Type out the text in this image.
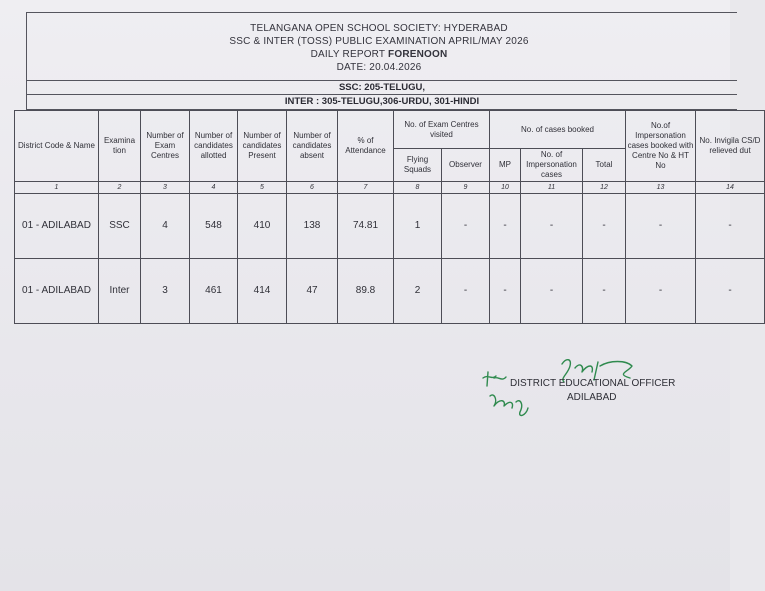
TELANGANA OPEN SCHOOL SOCIETY: HYDERABAD
SSC & INTER (TOSS) PUBLIC EXAMINATION APRIL/MAY 2026
DAILY REPORT FORENOON
DATE: 20.04.2026
SSC: 205-TELUGU,
INTER : 305-TELUGU,306-URDU, 301-HINDI
District Code & Name	Examina tion	Number of Exam Centres	Number of candidates allotted	Number of candidates Present	Number of candidates absent	% of Attendance	No. of Exam Centres visited		No. of cases booked			No.of Impersonation cases booked with Centre No & HT No	No. Invigila CS/D relieved dut
							Flying Squads	Observer	MP	No. of Impersonation cases	Total		
1	2	3	4	5	6	7	8	9	10	11	12	13	14
01 - ADILABAD	SSC	4	548	410	138	74.81	1	-	-	-	-	-	-
01 - ADILABAD	Inter	3	461	414	47	89.8	2	-	-	-	-	-	-
DISTRICT EDUCATIONAL OFFICER
ADILABAD
